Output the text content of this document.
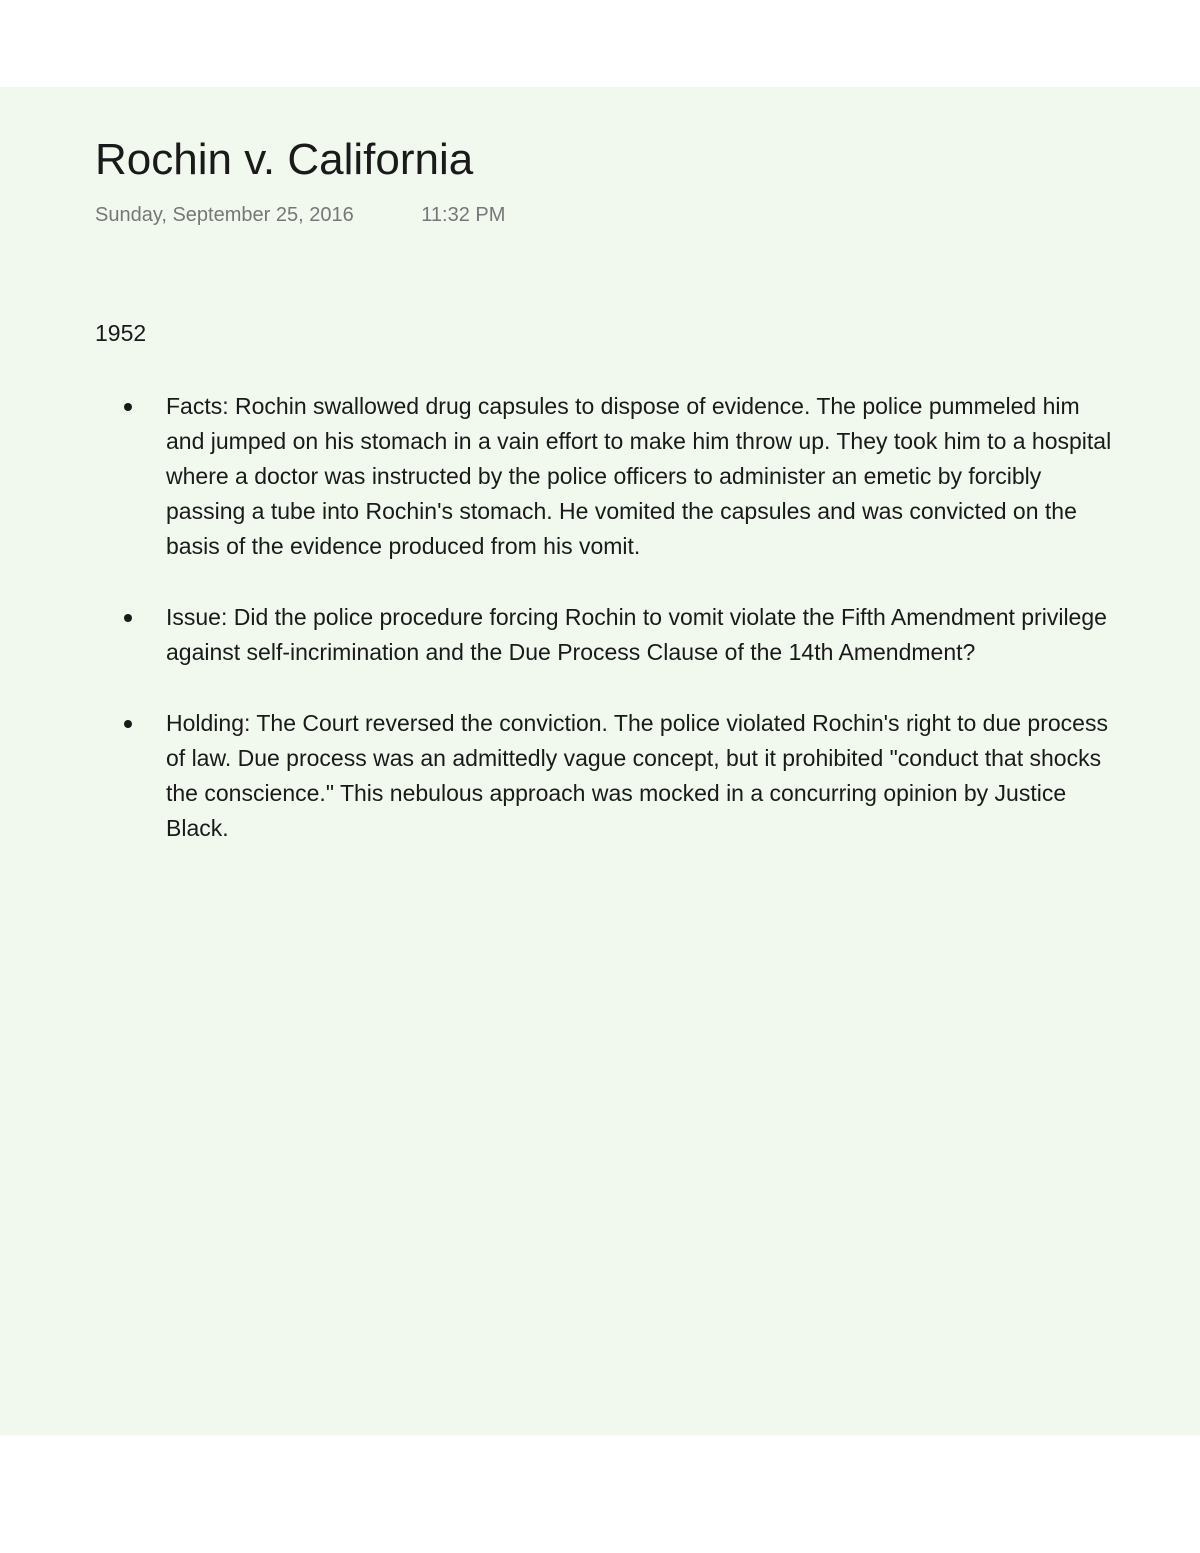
Rochin v. California
Sunday, September 25, 2016	11:32 PM
1952
Facts: Rochin swallowed drug capsules to dispose of evidence. The police pummeled him and jumped on his stomach in a vain effort to make him throw up. They took him to a hospital where a doctor was instructed by the police officers to administer an emetic by forcibly passing a tube into Rochin's stomach. He vomited the capsules and was convicted on the basis of the evidence produced from his vomit.
Issue: Did the police procedure forcing Rochin to vomit violate the Fifth Amendment privilege against self-incrimination and the Due Process Clause of the 14th Amendment?
Holding: The Court reversed the conviction. The police violated Rochin's right to due process of law. Due process was an admittedly vague concept, but it prohibited "conduct that shocks the conscience." This nebulous approach was mocked in a concurring opinion by Justice Black.
